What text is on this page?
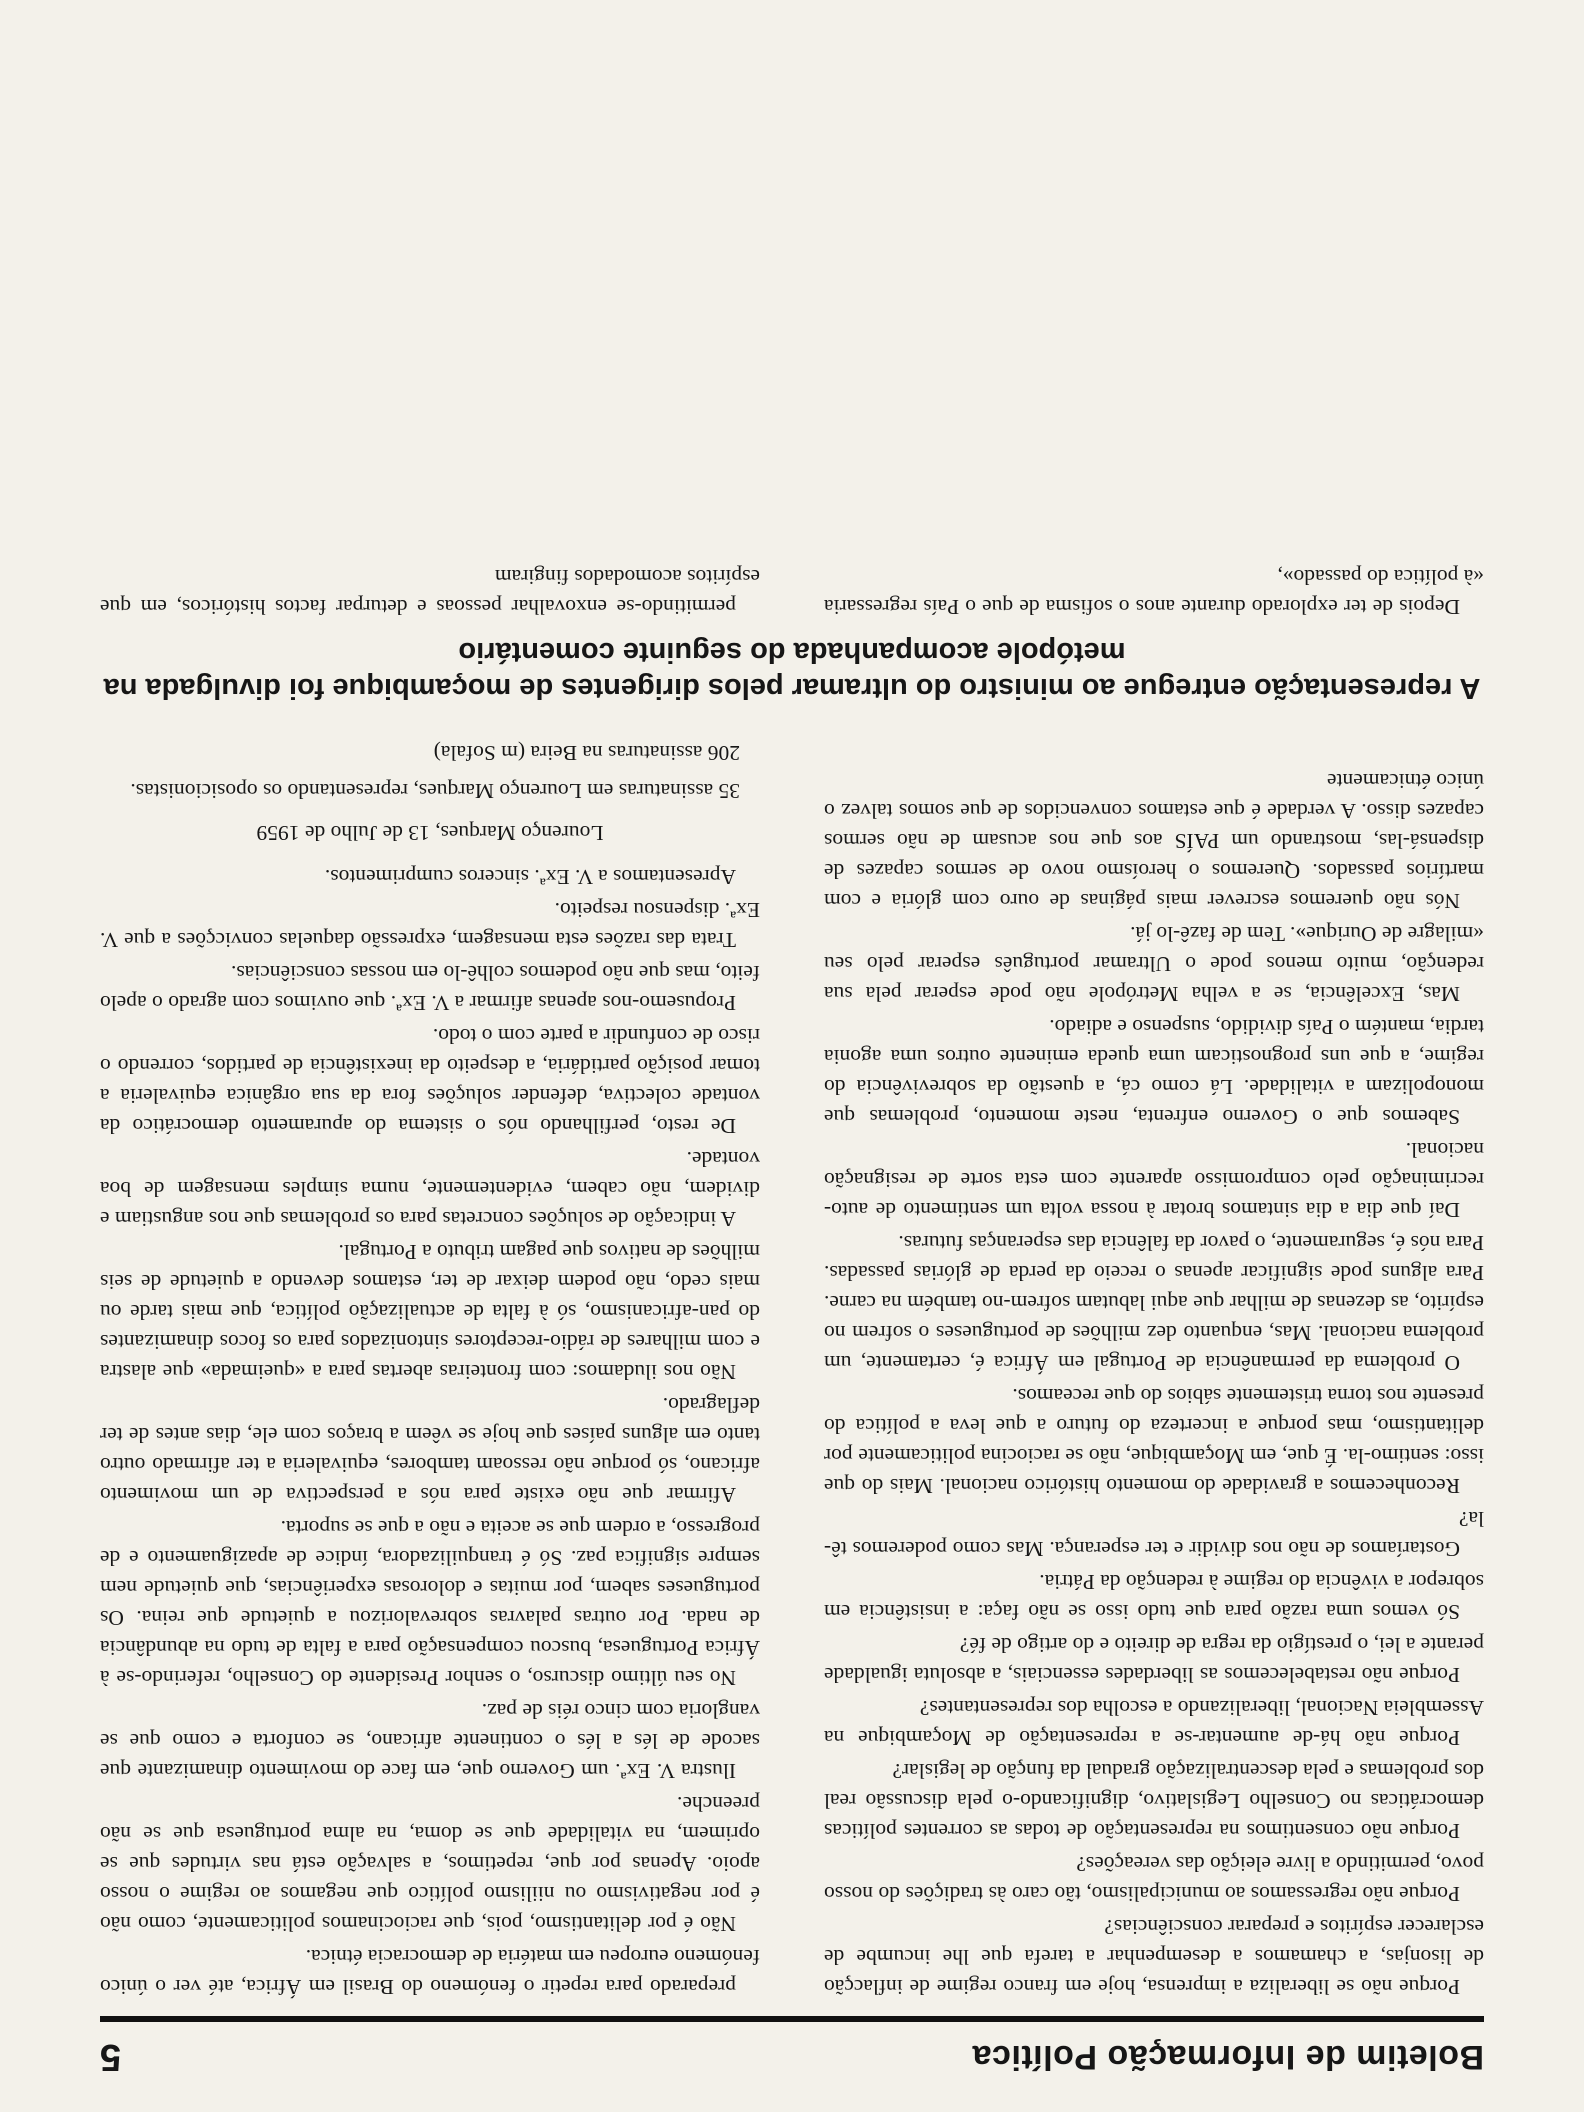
Boletim de Informação Política
5

Porque não se liberaliza a imprensa, hoje em franco regime de inflacção de lisonjas, a chamamos a desempenhar a tarefa que lhe incumbe de esclarecer espíritos e preparar consciências?

Porque não regressamos ao municipalismo, tão caro às tradições do nosso povo, permitindo a livre eleição das vereações?

Porque não consentimos na representação de todas as correntes políticas democráticas no Conselho Legislativo, dignificando-o pela discussão real dos problemas e pela descentralização gradual da função de legislar?

Porque não há-de aumentar-se a representação de Moçambique na Assembleia Nacional, liberalizando a escolha dos representantes?

Porque não restabelecemos as liberdades essenciais, a absoluta igualdade perante a lei, o prestígio da regra de direito e do artigo de fé?

Só vemos uma razão para que tudo isso se não faça: a insistência em sobrepor a vivência do regime à redenção da Pátria.

Gostaríamos de não nos dividir e ter esperança. Mas como poderemos tê-la?

Reconhecemos a gravidade do momento histórico nacional. Mais do que isso: sentimo-la. É que, em Moçambique, não se raciocina politicamente por delitantismo, mas porque a incerteza do futuro a que leva a política do presente nos torna tristemente sábios do que receamos.

O problema da permanência de Portugal em África é, certamente, um problema nacional. Mas, enquanto dez milhões de portugueses o sofrem no espírito, as dezenas de milhar que aqui labutam sofrem-no também na carne. Para alguns pode significar apenas o receio da perda de glórias passadas. Para nós é, seguramente, o pavor da falência das esperanças futuras.

Daí que dia a dia sintamos brotar à nossa volta um sentimento de auto-recriminação pelo compromisso aparente com esta sorte de resignação nacional.

Sabemos que o Governo enfrenta, neste momento, problemas que monopolizam a vitalidade. Lá como cá, a questão da sobrevivência do regime, a que uns prognosticam uma queda eminente outros uma agonia tardia, mantém o País dividido, suspenso e adiado.

Mas, Excelência, se a velha Metrópole não pode esperar pela sua redenção, muito menos pode o Ultramar português esperar pelo seu «milagre de Ourique». Tem de fazê-lo já.

Nós não queremos escrever mais páginas de ouro com glória e com martírios passados. Queremos o heroísmo novo de sermos capazes de dispensá-las, mostrando um PAÍS aos que nos acusam de não sermos capazes disso. A verdade é que estamos convencidos de que somos talvez o único étnicamente

preparado para repetir o fenómeno do Brasil em África, até ver o único fenómeno europeu em matéria de democracia étnica.

Não é por delitantismo, pois, que raciocinamos politicamente, como não é por negativismo ou niilismo político que negamos ao regime o nosso apoio. Apenas por que, repetimos, a salvação está nas virtudes que se oprimem, na vitalidade que se doma, na alma portuguesa que se não preenche.

Ilustra V. Exª. um Governo que, em face do movimento dinamizante que sacode de lés a lés o continente africano, se conforta e como que se vangloria com cinco réis de paz.

No seu último discurso, o senhor Presidente do Conselho, referindo-se à África Portuguesa, buscou compensação para a falta de tudo na abundância de nada. Por outras palavras sobrevalorizou a quietude que reina. Os portugueses sabem, por muitas e dolorosas experiências, que quietude nem sempre significa paz. Só é tranquilizadora, índice de apaziguamento e de progresso, a ordem que se aceita e não a que se suporta.

Afirmar que não existe para nós a perspectiva de um movimento africano, só porque não ressoam tambores, equivaleria a ter afirmado outro tanto em alguns países que hoje se vêem a braços com ele, dias antes de ter deflagrado.

Não nos iludamos: com fronteiras abertas para a «queimada» que alastra e com milhares de rádio-receptores sintonizados para os focos dinamizantes do pan-africanismo, só à falta de actualização política, que mais tarde ou mais cedo, não podem deixar de ter, estamos devendo a quietude de seis milhões de nativos que pagam tributo a Portugal.

A indicação de soluções concretas para os problemas que nos angustiam e dividem, não cabem, evidentemente, numa simples mensagem de boa vontade.

De resto, perfilhando nós o sistema do apuramento democrático da vontade colectiva, defender soluções fora da sua orgânica equivaleria a tomar posição partidária, a despeito da inexistência de partidos, correndo o risco de confundir a parte com o todo.

Propusemo-nos apenas afirmar a V. Exª. que ouvimos com agrado o apelo feito, mas que não podemos colhê-lo em nossas consciências.

Trata das razões esta mensagem, expressão daquelas convicções a que V. Exª. dispensou respeito.

Apresentamos a V. Exª. sinceros cumprimentos.

Lourenço Marques, 13 de Julho de 1959

35 assinaturas em Lourenço Marques, representando os oposicionistas.

206 assinaturas na Beira (m Sofala)

A representação entregue ao ministro do ultramar pelos dirigentes de moçambique foi divulgada na metópole acompanhada do seguinte comentário

Depois de ter explorado durante anos o sofisma de que o País regressaria «à política do passado»,

permitindo-se enxovalhar pessoas e deturpar factos históricos, em que espíritos acomodados fingiram
